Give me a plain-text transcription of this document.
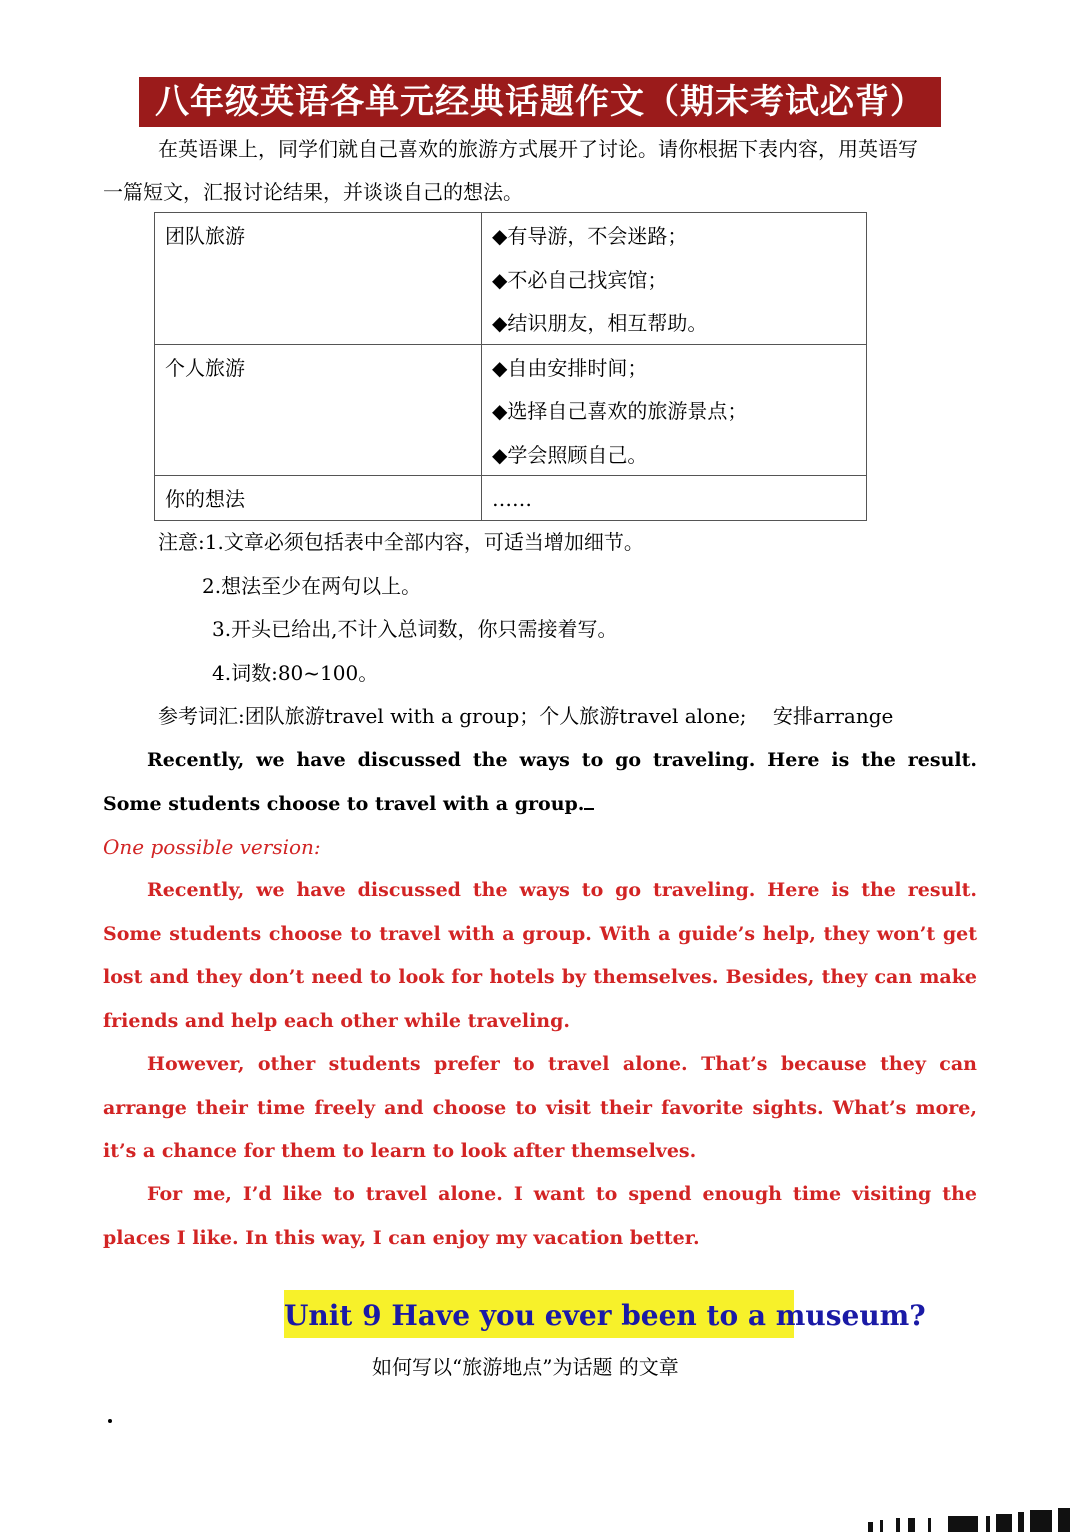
八年级英语各单元经典话题作文（期末考试必背）
在英语课上，同学们就自己喜欢的旅游方式展开了讨论。请你根据下表内容，用英语写
一篇短文，汇报讨论结果，并谈谈自己的想法。
团队旅游	◆有导游，不会迷路；
◆不必自己找宾馆；
◆结识朋友，相互帮助。

个人旅游	◆自由安排时间；
◆选择自己喜欢的旅游景点；
◆学会照顾自己。

你的想法	……
注意:1.文章必须包括表中全部内容，可适当增加细节。
2.想法至少在两句以上。
3.开头已给出,不计入总词数，你只需接着写。
4.词数:80~100。
参考词汇:团队旅游travel with a group；个人旅游travel alone;　 安排arrange
Recently, we have discussed the ways to go traveling. Here is the result. Some students choose to travel with a group.
One possible version:
Recently, we have discussed the ways to go traveling. Here is the result. Some students choose to travel with a group. With a guide’s help, they won’t get lost and they don’t need to look for hotels by themselves. Besides, they can make friends and help each other while traveling.
However, other students prefer to travel alone. That’s because they can arrange their time freely and choose to visit their favorite sights. What’s more, it’s a chance for them to learn to look after themselves.
For me, I’d like to travel alone. I want to spend enough time visiting the places I like. In this way, I can enjoy my vacation better.
Unit 9 Have you ever been to a museum?
如何写以“旅游地点”为话题 的文章
